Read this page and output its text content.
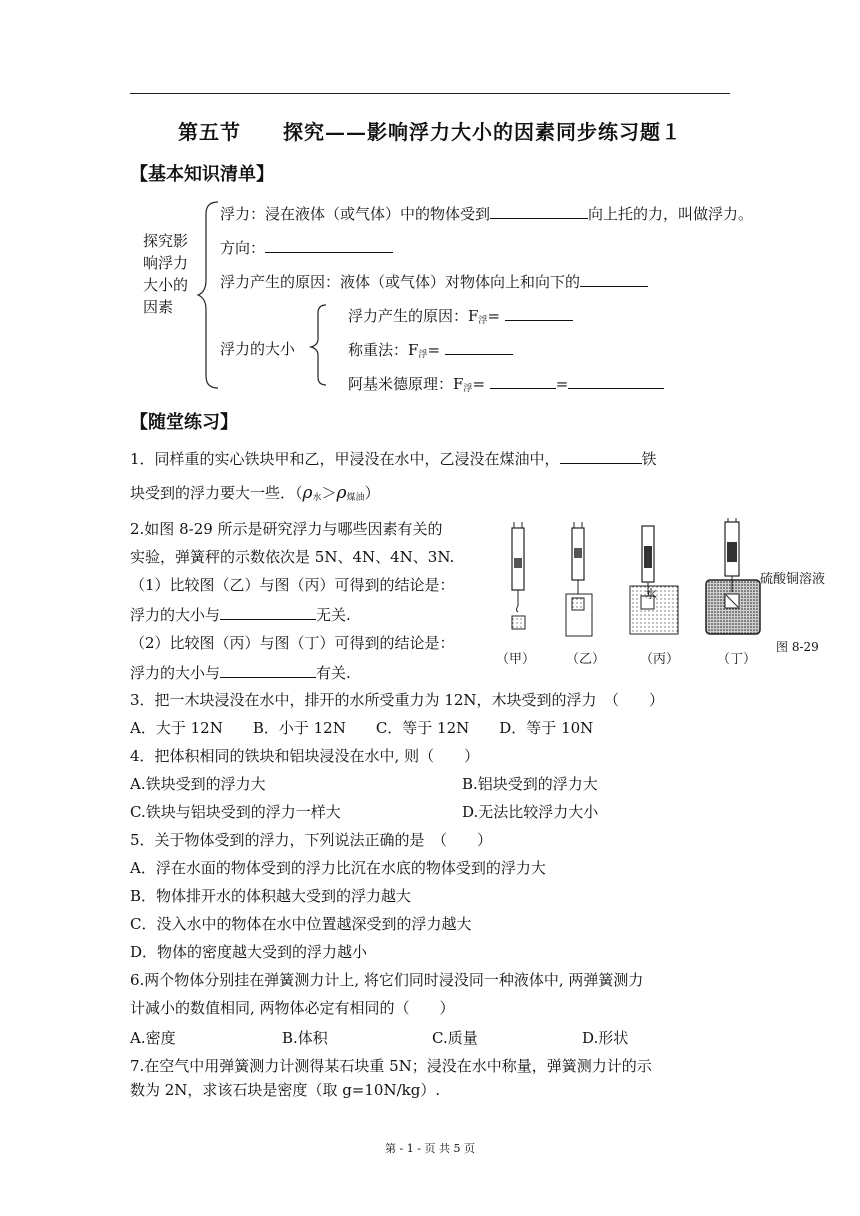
第五节　　探究——影响浮力大小的因素同步练习题１
【基本知识清单】
探究影
响浮力
大小的
因素
浮力：浸在液体（或气体）中的物体受到	向上托的力，叫做浮力。
方向：
浮力产生的原因：液体（或气体）对物体向上和向下的
浮力的大小
浮力产生的原因：$F_浮=$
称重法：$F_浮=$
阿基米德原理：$F_浮=$	=
【随堂练习】
1．同样重的实心铁块甲和乙，甲浸没在水中，乙浸没在煤油中，	铁
块受到的浮力要大一些．$(\rho_水>\rho_{煤油})$
2.如图 8-29 所示是研究浮力与哪些因素有关的
实验，弹簧秤的示数依次是 5N、4N、4N、3N.
（1）比较图（乙）与图（丙）可得到的结论是：
浮力的大小与	无关.
（2）比较图（丙）与图（丁）可得到的结论是：
浮力的大小与	有关.
水
硫酸铜溶液
（甲） （乙）	（丙）	（丁）
图 8-29
3．把一木块浸没在水中，排开的水所受重力为 12N，木块受到的浮力　（　　）
A．大于 12N　　B．小于 12N　　C．等于 12N　　D．等于 10N
4．把体积相同的铁块和铝块浸没在水中, 则（　　）
A.铁块受到的浮力大	B.铝块受到的浮力大
C.铁块与铝块受到的浮力一样大	D.无法比较浮力大小
5．关于物体受到的浮力，下列说法正确的是　（　　）
A．浮在水面的物体受到的浮力比沉在水底的物体受到的浮力大
B．物体排开水的体积越大受到的浮力越大
C．没入水中的物体在水中位置越深受到的浮力越大
D．物体的密度越大受到的浮力越小
6.两个物体分别挂在弹簧测力计上, 将它们同时浸没同一种液体中, 两弹簧测力
计减小的数值相同, 两物体必定有相同的（　　）
A.密度	B.体积	C.质量	D.形状
7.在空气中用弹簧测力计测得某石块重 5N；浸没在水中称量，弹簧测力计的示
数为 2N，求该石块是密度（取 g=10N/kg）.
第 - 1 - 页 共 5 页
